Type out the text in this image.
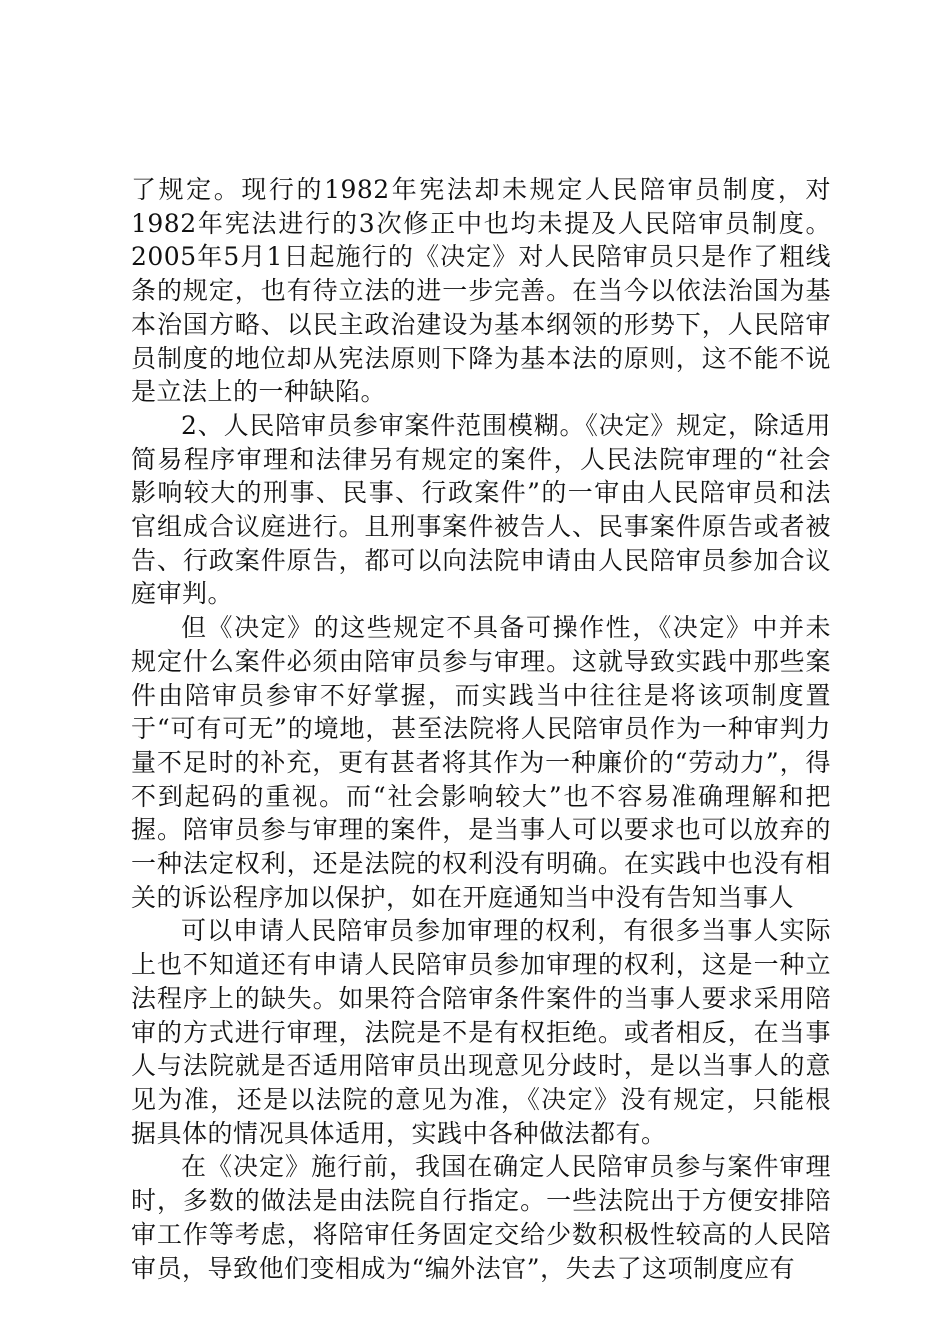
了规定。现行的1982年宪法却未规定人民陪审员制度，对1982年宪法进行的3次修正中也均未提及人民陪审员制度。2005年5月1日起施行的《决定》对人民陪审员只是作了粗线条的规定，也有待立法的进一步完善。在当今以依法治国为基本治国方略、以民主政治建设为基本纲领的形势下，人民陪审员制度的地位却从宪法原则下降为基本法的原则，这不能不说是立法上的一种缺陷。

2、人民陪审员参审案件范围模糊。《决定》规定，除适用简易程序审理和法律另有规定的案件，人民法院审理的“社会影响较大的刑事、民事、行政案件”的一审由人民陪审员和法官组成合议庭进行。且刑事案件被告人、民事案件原告或者被告、行政案件原告，都可以向法院申请由人民陪审员参加合议庭审判。

但《决定》的这些规定不具备可操作性，《决定》中并未规定什么案件必须由陪审员参与审理。这就导致实践中那些案件由陪审员参审不好掌握，而实践当中往往是将该项制度置于“可有可无”的境地，甚至法院将人民陪审员作为一种审判力量不足时的补充，更有甚者将其作为一种廉价的“劳动力”，得不到起码的重视。而“社会影响较大”也不容易准确理解和把握。陪审员参与审理的案件，是当事人可以要求也可以放弃的一种法定权利，还是法院的权利没有明确。在实践中也没有相关的诉讼程序加以保护，如在开庭通知当中没有告知当事人

可以申请人民陪审员参加审理的权利，有很多当事人实际上也不知道还有申请人民陪审员参加审理的权利，这是一种立法程序上的缺失。如果符合陪审条件案件的当事人要求采用陪审的方式进行审理，法院是不是有权拒绝。或者相反，在当事人与法院就是否适用陪审员出现意见分歧时，是以当事人的意见为准，还是以法院的意见为准，《决定》没有规定，只能根据具体的情况具体适用，实践中各种做法都有。

在《决定》施行前，我国在确定人民陪审员参与案件审理时，多数的做法是由法院自行指定。一些法院出于方便安排陪审工作等考虑，将陪审任务固定交给少数积极性较高的人民陪审员，导致他们变相成为“编外法官”，失去了这项制度应有
